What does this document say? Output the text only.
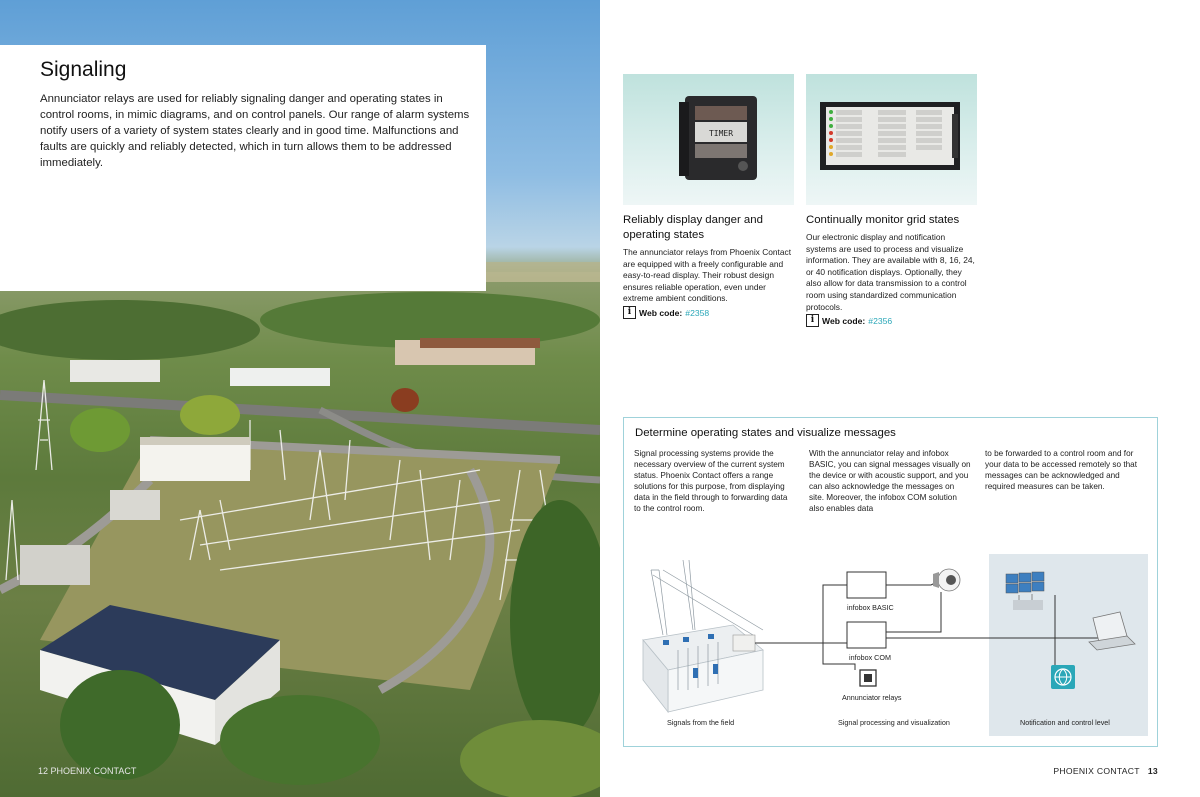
Signaling
Annunciator relays are used for reliably signaling danger and operating states in control rooms, in mimic diagrams, and on control panels. Our range of alarm systems notify users of a variety of system states clearly and in good time. Malfunctions and faults are quickly and reliably detected, which in turn allows them to be addressed immediately.
12 PHOENIX CONTACT
TIMER
Reliably display danger and operating states
The annunciator relays from Phoenix Contact are equipped with a freely configurable and easy-to-read display. Their robust design ensures reliable operation, even under extreme ambient conditions.
i Web code: #2358
Continually monitor grid states
Our electronic display and notification systems are used to process and visualize information. They are available with 8, 16, 24, or 40 notification displays. Optionally, they also allow for data transmission to a control room using standardized communication protocols.
i Web code: #2356
Determine operating states and visualize messages
Signal processing systems provide the necessary overview of the current system status. Phoenix Contact offers a range solutions for this purpose, from displaying data in the field through to forwarding data to the control room.
With the annunciator relay and infobox BASIC, you can signal messages visually on the device or with acoustic support, and you can also acknowledge the messages on site. Moreover, the infobox COM solution also enables data
to be forwarded to a control room and for your data to be accessed remotely so that messages can be acknowledged and required measures can be taken.
infobox BASIC
infobox COM
Annunciator relays
Signals from the field	Signal processing and visualization	Notification and control level
PHOENIX CONTACT 13
